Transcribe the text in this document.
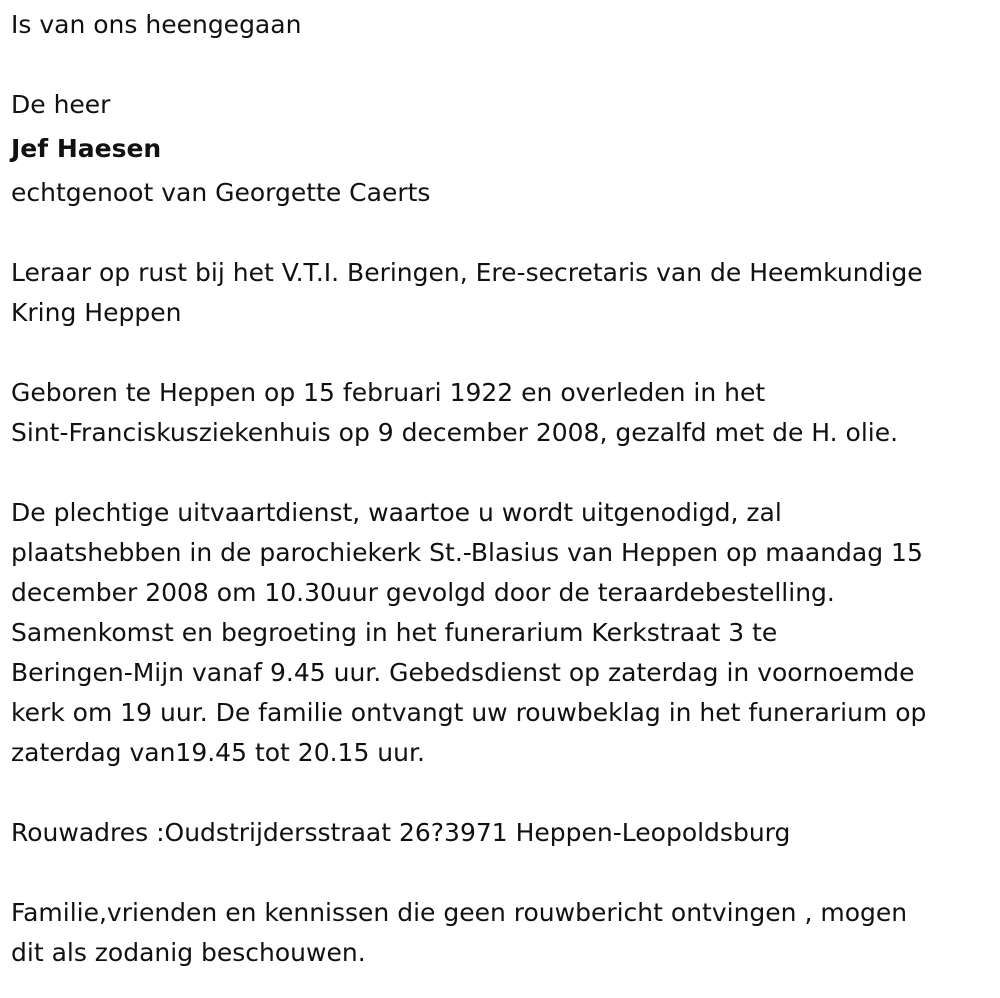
Is van ons heengegaan
De heer
Jef Haesen
echtgenoot van Georgette Caerts
Leraar op rust bij het V.T.I. Beringen, Ere-secretaris van de Heemkundige
Kring Heppen
Geboren te Heppen op 15 februari 1922 en overleden in het
Sint-Franciskusziekenhuis op 9 december 2008, gezalfd met de H. olie.
De plechtige uitvaartdienst, waartoe u wordt uitgenodigd, zal
plaatshebben in de parochiekerk St.-Blasius van Heppen op maandag 15
december 2008 om 10.30uur gevolgd door de teraardebestelling.
Samenkomst en begroeting in het funerarium Kerkstraat 3 te
Beringen-Mijn vanaf 9.45 uur. Gebedsdienst op zaterdag in voornoemde
kerk om 19 uur. De familie ontvangt uw rouwbeklag in het funerarium op
zaterdag van19.45 tot 20.15 uur.
Rouwadres :Oudstrijdersstraat 26?3971 Heppen-Leopoldsburg
Familie,vrienden en kennissen die geen rouwbericht ontvingen , mogen
dit als zodanig beschouwen.
